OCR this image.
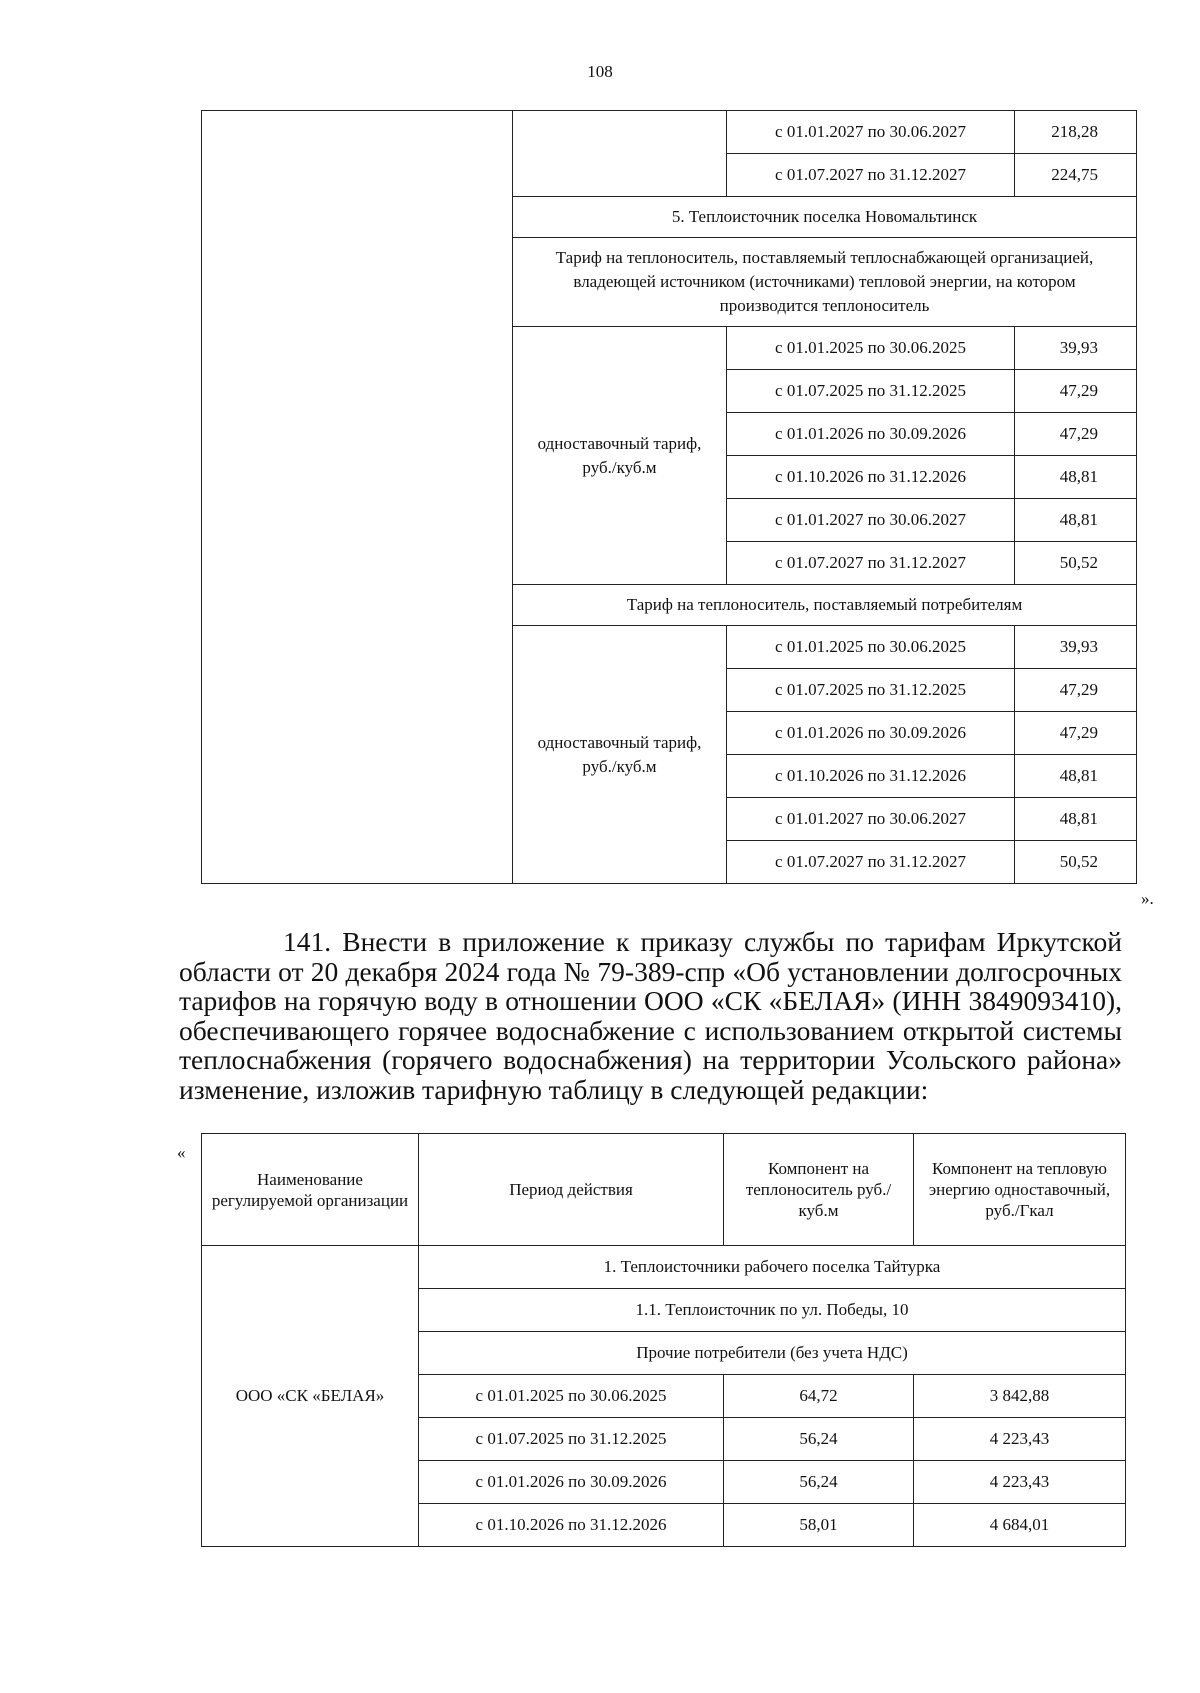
108
		с 01.01.2027 по 30.06.2027	218,28
		с 01.07.2027 по 31.12.2027	224,75
	5. Теплоисточник поселка Новомальтинск		
	Тариф на теплоноситель, поставляемый теплоснабжающей организацией, владеющей источником (источниками) тепловой энергии, на котором производится теплоноситель		
	одноставочный тариф, руб./куб.м	с 01.01.2025 по 30.06.2025	39,93
		с 01.07.2025 по 31.12.2025	47,29
		с 01.01.2026 по 30.09.2026	47,29
		с 01.10.2026 по 31.12.2026	48,81
		с 01.01.2027 по 30.06.2027	48,81
		с 01.07.2027 по 31.12.2027	50,52
	Тариф на теплоноситель, поставляемый потребителям		
	одноставочный тариф, руб./куб.м	с 01.01.2025 по 30.06.2025	39,93
		с 01.07.2025 по 31.12.2025	47,29
		с 01.01.2026 по 30.09.2026	47,29
		с 01.10.2026 по 31.12.2026	48,81
		с 01.01.2027 по 30.06.2027	48,81
		с 01.07.2027 по 31.12.2027	50,52
».

141. Внести в приложение к приказу службы по тарифам Иркутской области от 20 декабря 2024 года № 79-389-спр «Об установлении долгосрочных тарифов на горячую воду в отношении ООО «СК «БЕЛАЯ» (ИНН 3849093410), обеспечивающего горячее водоснабжение с использованием открытой системы теплоснабжения (горячего водоснабжения) на территории Усольского района» изменение, изложив тарифную таблицу в следующей редакции:

«
Наименование регулируемой организации	Период действия	Компонент на теплоноситель руб./куб.м	Компонент на тепловую энергию одноставочный, руб./Гкал
ООО «СК «БЕЛАЯ»	1. Теплоисточники рабочего поселка Тайтурка		
	1.1. Теплоисточник по ул. Победы, 10		
	Прочие потребители (без учета НДС)		
	с 01.01.2025 по 30.06.2025	64,72	3 842,88
	с 01.07.2025 по 31.12.2025	56,24	4 223,43
	с 01.01.2026 по 30.09.2026	56,24	4 223,43
	с 01.10.2026 по 31.12.2026	58,01	4 684,01
